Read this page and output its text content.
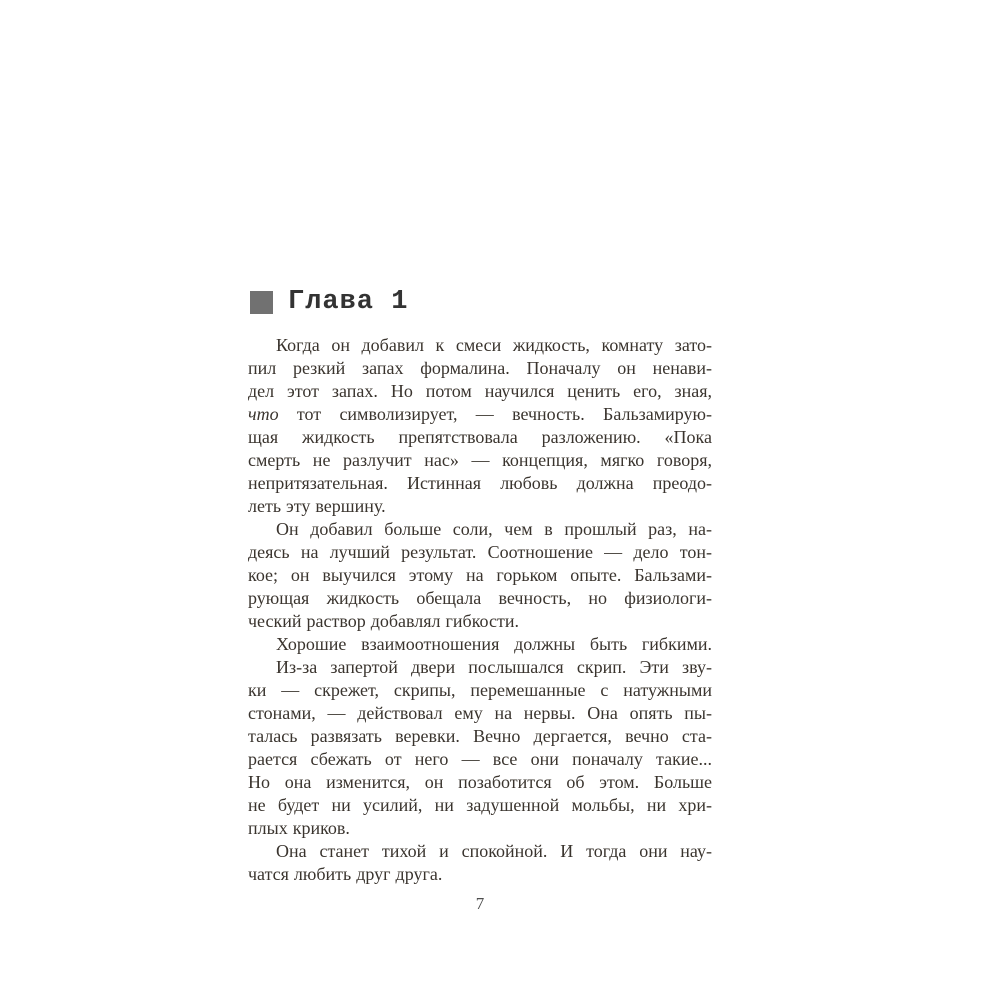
Глава 1
Когда он добавил к смеси жидкость, комнату зато-
пил резкий запах формалина. Поначалу он ненави-
дел этот запах. Но потом научился ценить его, зная,
что тот символизирует, — вечность. Бальзамирую-
щая жидкость препятствовала разложению. «Пока
смерть не разлучит нас» — концепция, мягко говоря,
непритязательная. Истинная любовь должна преодо-
леть эту вершину.
Он добавил больше соли, чем в прошлый раз, на-
деясь на лучший результат. Соотношение — дело тон-
кое; он выучился этому на горьком опыте. Бальзами-
рующая жидкость обещала вечность, но физиологи-
ческий раствор добавлял гибкости.
Хорошие взаимоотношения должны быть гибкими.
Из-за запертой двери послышался скрип. Эти зву-
ки — скрежет, скрипы, перемешанные с натужными
стонами, — действовал ему на нервы. Она опять пы-
талась развязать веревки. Вечно дергается, вечно ста-
рается сбежать от него — все они поначалу такие...
Но она изменится, он позаботится об этом. Больше
не будет ни усилий, ни задушенной мольбы, ни хри-
плых криков.
Она станет тихой и спокойной. И тогда они нау-
чатся любить друг друга.
7
